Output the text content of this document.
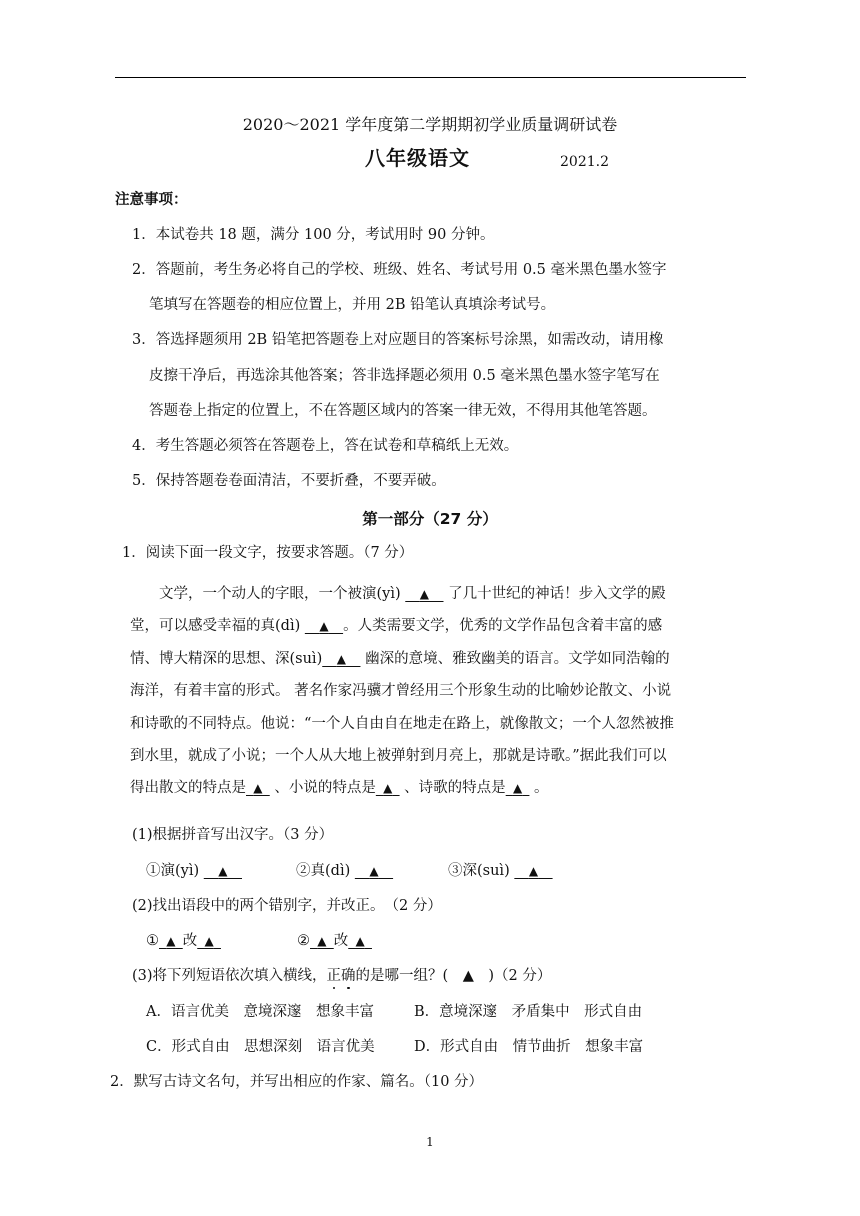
2020～2021 学年度第二学期期初学业质量调研试卷
八年级语文	2021.2
注意事项：
1．本试卷共 18 题，满分 100 分，考试用时 90 分钟。
2．答题前，考生务必将自己的学校、班级、姓名、考试号用 0.5 毫米黑色墨水签字
笔填写在答题卷的相应位置上，并用 2B 铅笔认真填涂考试号。
3．答选择题须用 2B 铅笔把答题卷上对应题目的答案标号涂黑，如需改动，请用橡
皮擦干净后，再选涂其他答案；答非选择题必须用 0.5 毫米黑色墨水签字笔写在
答题卷上指定的位置上，不在答题区域内的答案一律无效，不得用其他笔答题。
4．考生答题必须答在答题卷上，答在试卷和草稿纸上无效。
5．保持答题卷卷面清洁，不要折叠，不要弄破。
第一部分（27 分）
1．阅读下面一段文字，按要求答题。（7 分）
　　文学，一个动人的字眼，一个被演(yì)  ▲  了几十世纪的神话！步入文学的殿
堂，可以感受幸福的真(dì)  ▲  。人类需要文学，优秀的文学作品包含着丰富的感
情、博大精深的思想、深(suì)  ▲  幽深的意境、雅致幽美的语言。文学如同浩翰的
海洋，有着丰富的形式。 著名作家冯骥才曾经用三个形象生动的比喻妙论散文、小说
和诗歌的不同特点。他说：“一个人自由自在地走在路上，就像散文；一个人忽然被推
到水里，就成了小说；一个人从大地上被弹射到月亮上，那就是诗歌。”据此我们可以
得出散文的特点是  ▲  、小说的特点是  ▲  、诗歌的特点是  ▲  。
(1)根据拼音写出汉字。（3 分）
①演(yì)   ▲ 	②真(dì)   ▲ 	③深(suì)   ▲ 
(2)找出语段中的两个错别字，并改正。　（2 分）
①  ▲  改  ▲ 	②  ▲  改  ▲ 
(3)将下列短语依次填入横线，正确的是哪一组？(　▲　)（2 分）
A．语言优美　意境深邃　想象丰富	B．意境深邃　矛盾集中　形式自由
C．形式自由　思想深刻　语言优美	D．形式自由　情节曲折　想象丰富
2．默写古诗文名句，并写出相应的作家、篇名。（10 分）
1
